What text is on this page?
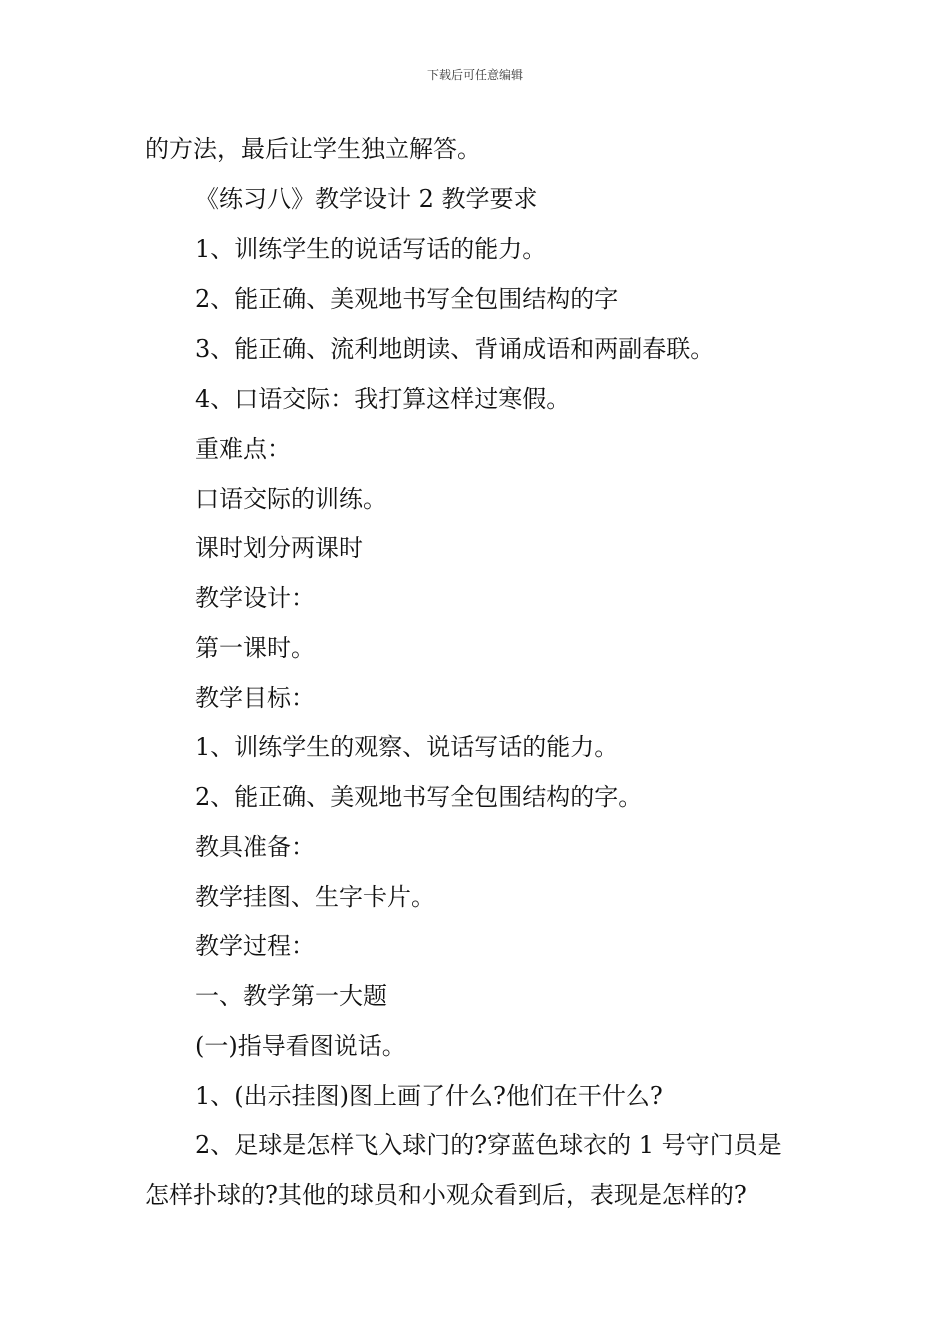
下载后可任意编辑
的方法，最后让学生独立解答。
《练习八》教学设计 2 教学要求
1、训练学生的说话写话的能力。
2、能正确、美观地书写全包围结构的字
3、能正确、流利地朗读、背诵成语和两副春联。
4、口语交际：我打算这样过寒假。
重难点：
口语交际的训练。
课时划分两课时
教学设计：
第一课时。
教学目标：
1、训练学生的观察、说话写话的能力。
2、能正确、美观地书写全包围结构的字。
教具准备：
教学挂图、生字卡片。
教学过程：
一、教学第一大题
(一)指导看图说话。
1、(出示挂图)图上画了什么?他们在干什么?
2、足球是怎样飞入球门的?穿蓝色球衣的 1 号守门员是
怎样扑球的?其他的球员和小观众看到后，表现是怎样的?
